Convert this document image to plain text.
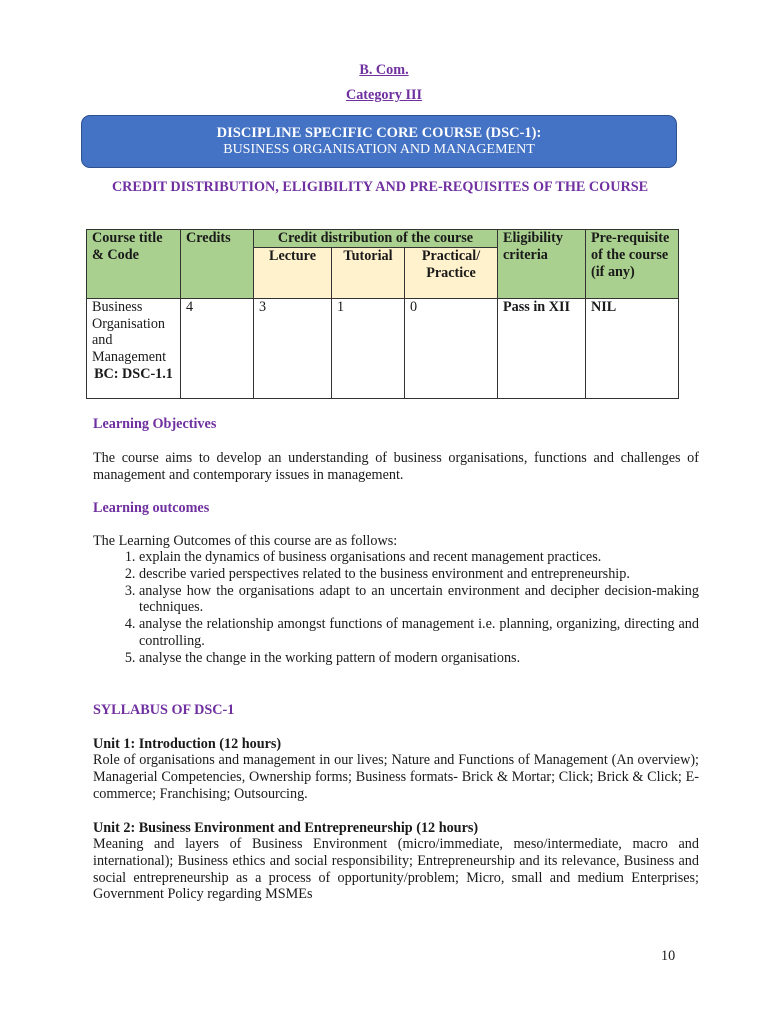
B. Com.
Category III
DISCIPLINE SPECIFIC CORE COURSE (DSC-1):
BUSINESS ORGANISATION AND MANAGEMENT
CREDIT DISTRIBUTION, ELIGIBILITY AND PRE-REQUISITES OF THE COURSE
Course title & Code	Credits	Credit distribution of the course			Eligibility criteria	Pre-requisite of the course (if any)
		Lecture	Tutorial	Practical/ Practice		

Business Organisation and Management
BC: DSC-1.1	4	3	1	0	Pass in XII	NIL
Learning Objectives
The course aims to develop an understanding of business organisations, functions and challenges of management and contemporary issues in management.
Learning outcomes
The Learning Outcomes of this course are as follows:
1. explain the dynamics of business organisations and recent management practices.
2. describe varied perspectives related to the business environment and entrepreneurship.
3. analyse how the organisations adapt to an uncertain environment and decipher decision-making techniques.
4. analyse the relationship amongst functions of management i.e. planning, organizing, directing and controlling.
5. analyse the change in the working pattern of modern organisations.
SYLLABUS OF DSC-1
Unit 1: Introduction (12 hours)
Role of organisations and management in our lives; Nature and Functions of Management (An overview); Managerial Competencies, Ownership forms; Business formats- Brick & Mortar; Click; Brick & Click; E-commerce; Franchising; Outsourcing.
Unit 2: Business Environment and Entrepreneurship (12 hours)
Meaning and layers of Business Environment (micro/immediate, meso/intermediate, macro and international); Business ethics and social responsibility; Entrepreneurship and its relevance, Business and social entrepreneurship as a process of opportunity/problem; Micro, small and medium Enterprises; Government Policy regarding MSMEs
10
